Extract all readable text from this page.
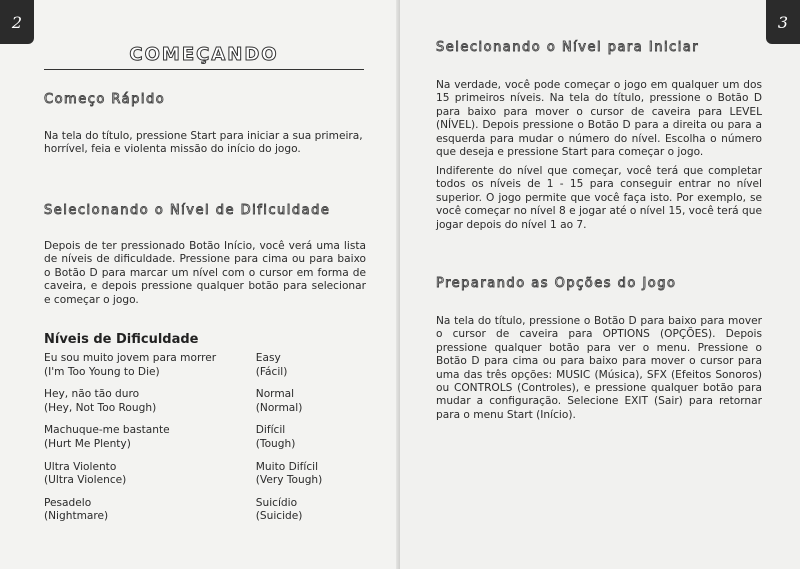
2
COMEÇANDO
Começo Rápido
Na tela do título, pressione Start para iniciar a sua primeira, horrível, feia e violenta missão do início do jogo.
Selecionando o Nível de Dificuldade
Depois de ter pressionado Botão Início, você verá uma lista de níveis de dificuldade. Pressione para cima ou para baixo o Botão D para marcar um nível com o cursor em forma de caveira, e depois pressione qualquer botão para selecionar e começar o jogo.
Níveis de Dificuldade
Eu sou muito jovem para morrer
(I'm Too Young to Die)
Easy
(Fácil)
Hey, não tão duro
(Hey, Not Too Rough)
Normal
(Normal)
Machuque-me bastante
(Hurt Me Plenty)
Difícil
(Tough)
Ultra Violento
(Ultra Violence)
Muito Difícil
(Very Tough)
Pesadelo
(Nightmare)
Suicídio
(Suicide)
3
Selecionando o Nível para Iniciar
Na verdade, você pode começar o jogo em qualquer um dos 15 primeiros níveis. Na tela do título, pressione o Botão D para baixo para mover o cursor de caveira para LEVEL (NÍVEL). Depois pressione o Botão D para a direita ou para a esquerda para mudar o número do nível. Escolha o número que deseja e pressione Start para começar o jogo.
Indiferente do nível que começar, você terá que completar todos os níveis de 1 - 15 para conseguir entrar no nível superior. O jogo permite que você faça isto. Por exemplo, se você começar no nível 8 e jogar até o nível 15, você terá que jogar depois do nível 1 ao 7.
Preparando as Opções do Jogo
Na tela do título, pressione o Botão D para baixo para mover o cursor de caveira para OPTIONS (OPÇÕES). Depois pressione qualquer botão para ver o menu. Pressione o Botão D para cima ou para baixo para mover o cursor para uma das três opções: MUSIC (Música), SFX (Efeitos Sonoros) ou CONTROLS (Controles), e pressione qualquer botão para mudar a configuração. Selecione EXIT (Sair) para retornar para o menu Start (Início).
